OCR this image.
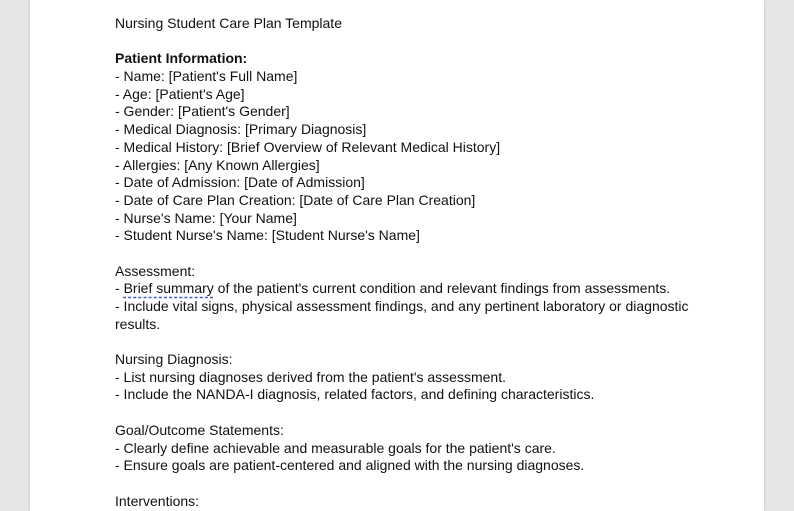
Nursing Student Care Plan Template
Patient Information:
- Name: [Patient's Full Name]
- Age: [Patient's Age]
- Gender: [Patient's Gender]
- Medical Diagnosis: [Primary Diagnosis]
- Medical History: [Brief Overview of Relevant Medical History]
- Allergies: [Any Known Allergies]
- Date of Admission: [Date of Admission]
- Date of Care Plan Creation: [Date of Care Plan Creation]
- Nurse's Name: [Your Name]
- Student Nurse's Name: [Student Nurse's Name]
Assessment:
- Brief summary of the patient's current condition and relevant findings from assessments.
- Include vital signs, physical assessment findings, and any pertinent laboratory or diagnostic results.
Nursing Diagnosis:
- List nursing diagnoses derived from the patient's assessment.
- Include the NANDA-I diagnosis, related factors, and defining characteristics.
Goal/Outcome Statements:
- Clearly define achievable and measurable goals for the patient's care.
- Ensure goals are patient-centered and aligned with the nursing diagnoses.
Interventions:
